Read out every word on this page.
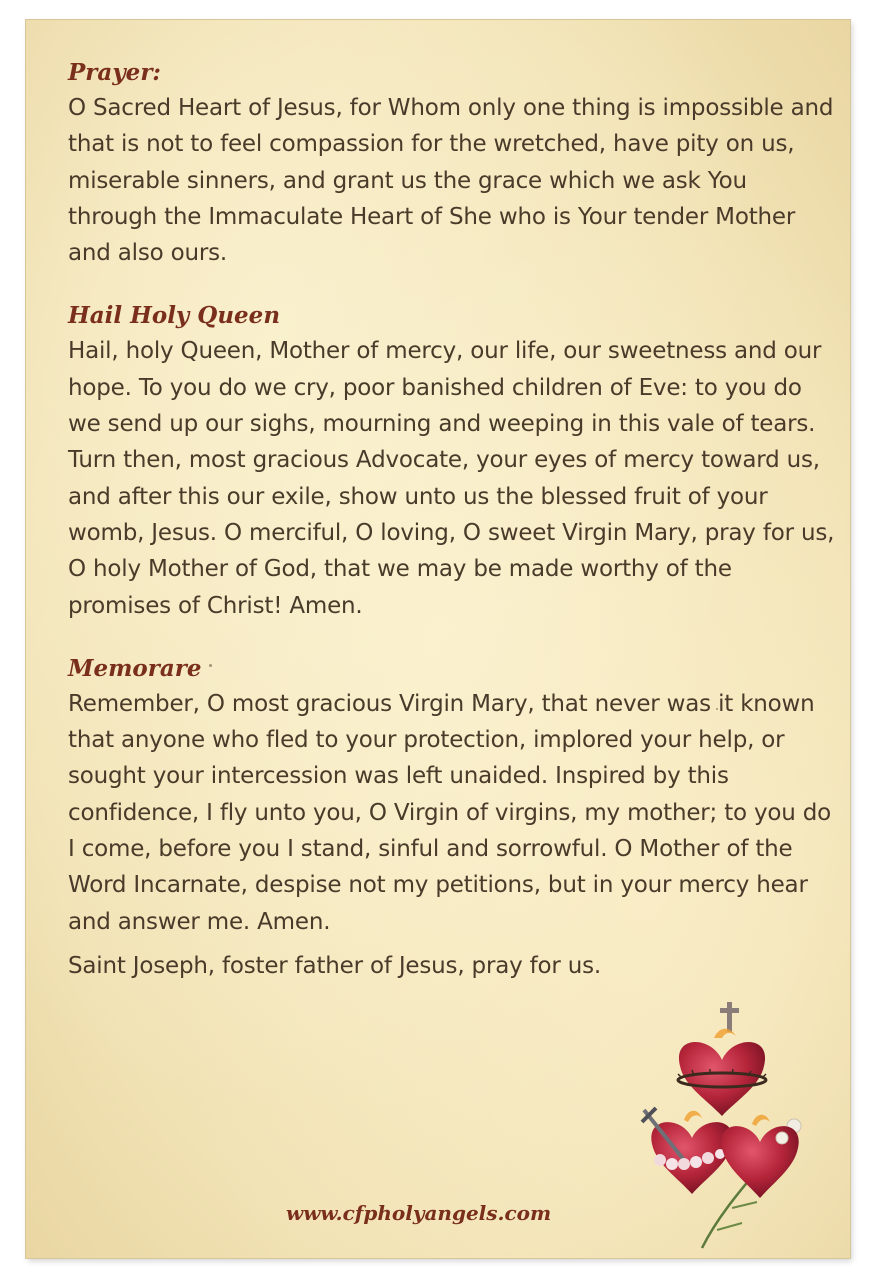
Prayer:

O Sacred Heart of Jesus, for Whom only one thing is impossible and that is not to feel compassion for the wretched, have pity on us, miserable sinners, and grant us the grace which we ask You through the Immaculate Heart of She who is Your tender Mother and also ours.

Hail Holy Queen

Hail, holy Queen, Mother of mercy, our life, our sweetness and our hope. To you do we cry, poor banished children of Eve: to you do we send up our sighs, mourning and weeping in this vale of tears. Turn then, most gracious Advocate, your eyes of mercy toward us, and after this our exile, show unto us the blessed fruit of your womb, Jesus. O merciful, O loving, O sweet Virgin Mary, pray for us, O holy Mother of God, that we may be made worthy of the promises of Christ! Amen.

Memorare

Remember, O most gracious Virgin Mary, that never was it known that anyone who fled to your protection, implored your help, or sought your intercession was left unaided. Inspired by this confidence, I fly unto you, O Virgin of virgins, my mother; to you do I come, before you I stand, sinful and sorrowful. O Mother of the Word Incarnate, despise not my petitions, but in your mercy hear and answer me. Amen.

Saint Joseph, foster father of Jesus, pray for us.

www.cfpholyangels.com
